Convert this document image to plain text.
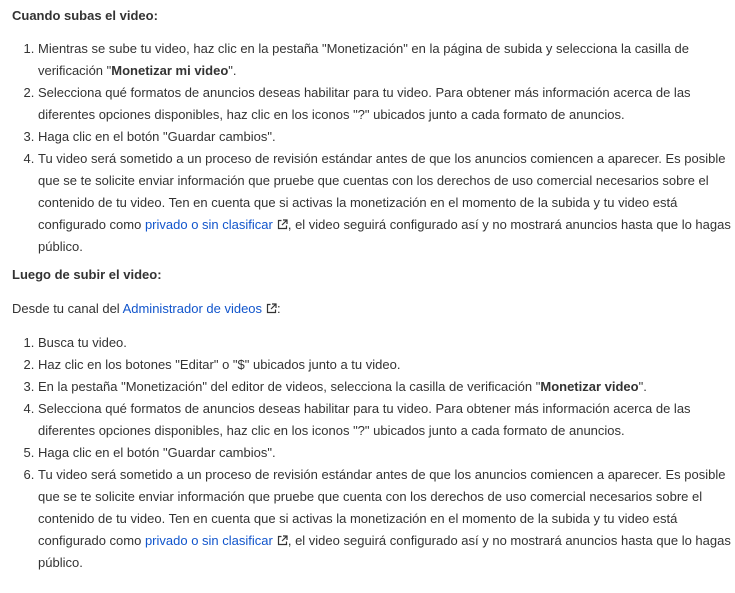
Cuando subas el video:
1. Mientras se sube tu video, haz clic en la pestaña "Monetización" en la página de subida y selecciona la casilla de verificación "Monetizar mi video".
2. Selecciona qué formatos de anuncios deseas habilitar para tu video. Para obtener más información acerca de las diferentes opciones disponibles, haz clic en los iconos "?" ubicados junto a cada formato de anuncios.
3. Haga clic en el botón "Guardar cambios".
4. Tu video será sometido a un proceso de revisión estándar antes de que los anuncios comiencen a aparecer. Es posible que se te solicite enviar información que pruebe que cuentas con los derechos de uso comercial necesarios sobre el contenido de tu video. Ten en cuenta que si activas la monetización en el momento de la subida y tu video está configurado como privado o sin clasificar , el video seguirá configurado así y no mostrará anuncios hasta que lo hagas público.
Luego de subir el video:

Desde tu canal del Administrador de videos :

1. Busca tu video.
2. Haz clic en los botones "Editar" o "$" ubicados junto a tu video.
3. En la pestaña "Monetización" del editor de videos, selecciona la casilla de verificación "Monetizar video".
4. Selecciona qué formatos de anuncios deseas habilitar para tu video. Para obtener más información acerca de las diferentes opciones disponibles, haz clic en los iconos "?" ubicados junto a cada formato de anuncios.
5. Haga clic en el botón "Guardar cambios".
6. Tu video será sometido a un proceso de revisión estándar antes de que los anuncios comiencen a aparecer. Es posible que se te solicite enviar información que pruebe que cuenta con los derechos de uso comercial necesarios sobre el contenido de tu video. Ten en cuenta que si activas la monetización en el momento de la subida y tu video está configurado como privado o sin clasificar , el video seguirá configurado así y no mostrará anuncios hasta que lo hagas público.
